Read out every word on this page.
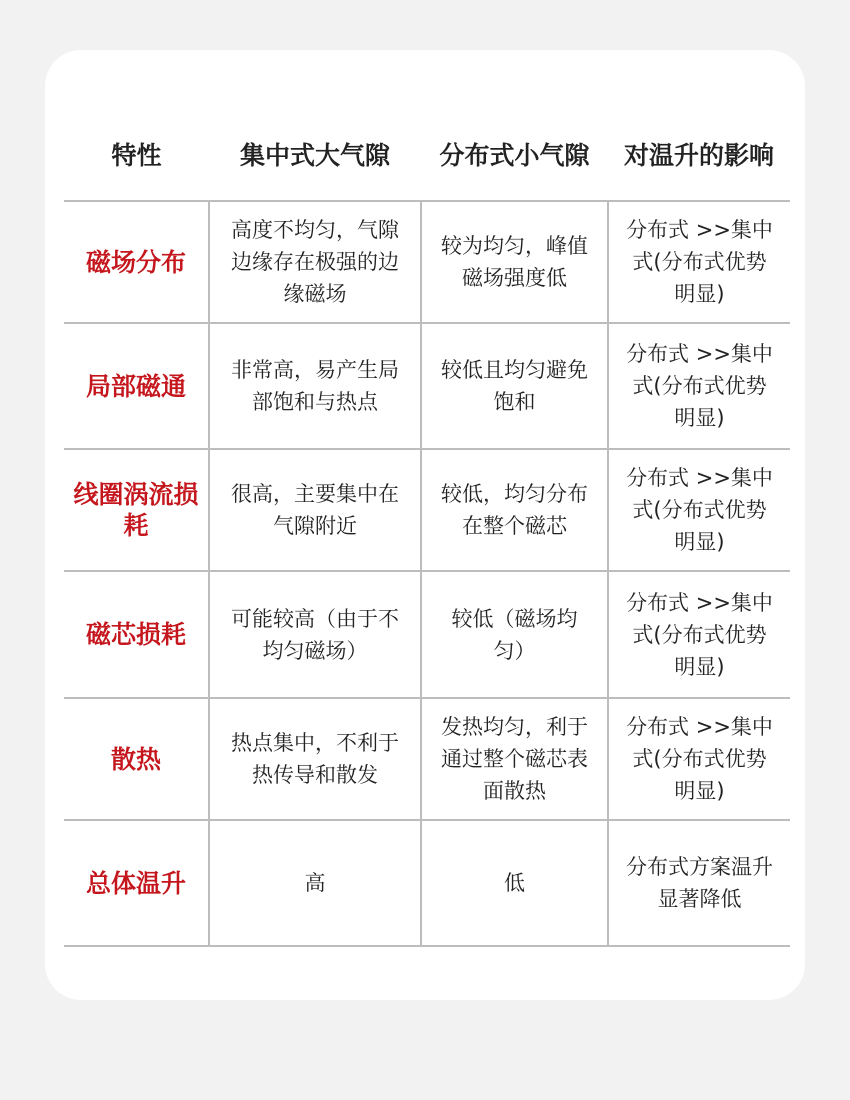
特性	集中式大气隙	分布式小气隙	对温升的影响
磁场分布	高度不均匀，气隙边缘存在极强的边缘磁场	较为均匀，峰值磁场强度低	分布式 >>集中式(分布式优势明显)
局部磁通	非常高，易产生局部饱和与热点	较低且均匀避免饱和	分布式 >>集中式(分布式优势明显)
线圈涡流损耗	很高，主要集中在气隙附近	较低，均匀分布在整个磁芯	分布式 >>集中式(分布式优势明显)
磁芯损耗	可能较高（由于不均匀磁场）	较低（磁场均匀）	分布式 >>集中式(分布式优势明显)
散热	热点集中，不利于热传导和散发	发热均匀，利于通过整个磁芯表面散热	分布式 >>集中式(分布式优势明显)
总体温升	高	低	分布式方案温升显著降低
